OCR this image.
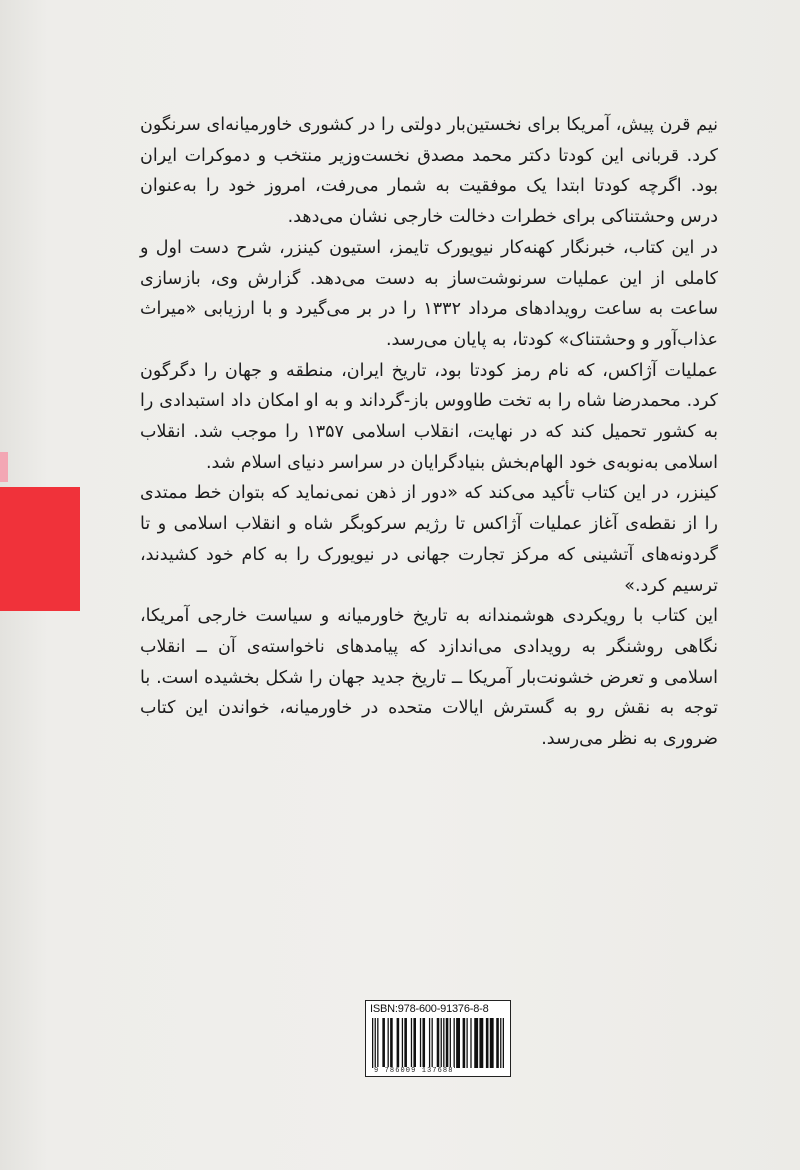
نیم قرن پیش، آمریکا برای نخستین‌بار دولتی را در کشوری خاورمیانه‌ای سرنگون کرد. قربانی این کودتا دکتر محمد مصدق نخست‌وزیر منتخب و دموکرات ایران بود. اگرچه کودتا ابتدا یک موفقیت به شمار می‌رفت، امروز خود را به‌عنوان درس وحشتناکی برای خطرات دخالت خارجی نشان می‌دهد.

در این کتاب، خبرنگار کهنه‌کار نیویورک تایمز، استیون کینزر، شرح دست اول و کاملی از این عملیات سرنوشت‌ساز به دست می‌دهد. گزارش وی، بازسازی ساعت به ساعت رویدادهای مرداد ۱۳۳۲ را در بر می‌گیرد و با ارزیابی «میراث عذاب‌آور و وحشتناک» کودتا، به پایان می‌رسد.

عملیات آژاکس، که نام رمز کودتا بود، تاریخ ایران، منطقه و جهان را دگرگون کرد. محمدرضا شاه را به تخت طاووس باز-گرداند و به او امکان داد استبدادی را به کشور تحمیل کند که در نهایت، انقلاب اسلامی ۱۳۵۷ را موجب شد. انقلاب اسلامی به‌نوبه‌ی خود الهام‌بخش بنیادگرایان در سراسر دنیای اسلام شد.

کینزر، در این کتاب تأکید می‌کند که «دور از ذهن نمی‌نماید که بتوان خط ممتدی را از نقطه‌ی آغاز عملیات آژاکس تا رژیم سرکوبگر شاه و انقلاب اسلامی و تا گردونه‌های آتشینی که مرکز تجارت جهانی در نیویورک را به کام خود کشیدند، ترسیم کرد.»

این کتاب با رویکردی هوشمندانه به تاریخ خاورمیانه و سیاست خارجی آمریکا، نگاهی روشنگر به رویدادی می‌اندازد که پیامدهای ناخواسته‌ی آن ــ انقلاب اسلامی و تعرض خشونت‌بار آمریکا ــ تاریخ جدید جهان را شکل بخشیده است. با توجه به نقش رو به گسترش ایالات متحده در خاورمیانه، خواندن این کتاب ضروری به نظر می‌رسد.

ISBN:978-600-91376-8-8
9 786009 137688
